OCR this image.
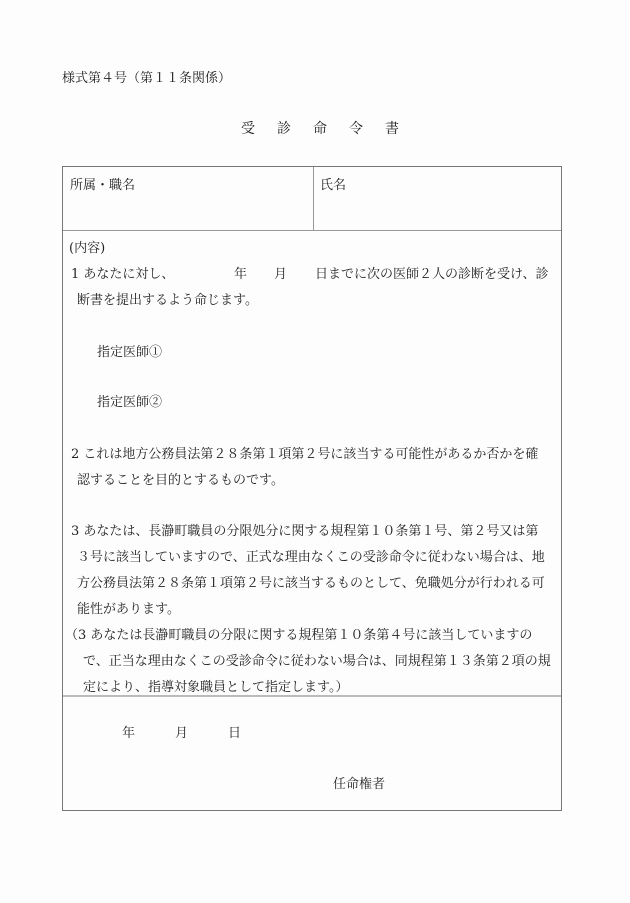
様式第４号（第１１条関係）
受診命令書
所属・職名	氏名
(内容)
1 あなたに対し、	年 月 日までに次の医師２人の診断を受け、診
断書を提出するよう命じます。
指定医師①
指定医師②
2 これは地方公務員法第２８条第１項第２号に該当する可能性があるか否かを確
認することを目的とするものです。
3 あなたは、長瀞町職員の分限処分に関する規程第１０条第１号、第２号又は第
３号に該当していますので、正式な理由なくこの受診命令に従わない場合は、地
方公務員法第２８条第１項第２号に該当するものとして、免職処分が行われる可
能性があります。
（3 あなたは長瀞町職員の分限に関する規程第１０条第４号に該当していますの
で、正当な理由なくこの受診命令に従わない場合は、同規程第１３条第２項の規
定により、指導対象職員として指定します。）
年	月	日
任命権者
